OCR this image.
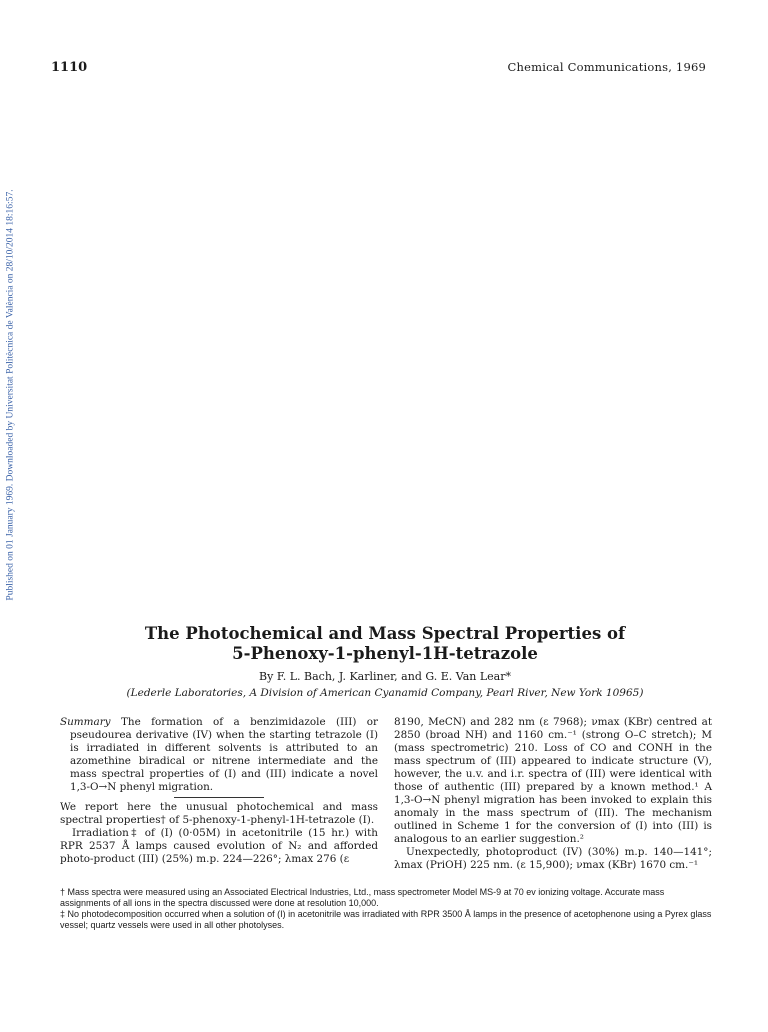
1110	Chemical Communications, 1969
Published on 01 January 1969. Downloaded by Universitat Politècnica de València on 28/10/2014 18:16:57.
The Photochemical and Mass Spectral Properties of
5-Phenoxy-1-phenyl-1H-tetrazole
By F. L. Bach, J. Karliner, and G. E. Van Lear*
(Lederle Laboratories, A Division of American Cyanamid Company, Pearl River, New York 10965)

Summary The formation of a benzimidazole (III) or pseudourea derivative (IV) when the starting tetrazole (I) is irradiated in different solvents is attributed to an azomethine biradical or nitrene intermediate and the mass spectral properties of (I) and (III) indicate a novel 1,3-O→N phenyl migration.

We report here the unusual photochemical and mass spectral properties† of 5-phenoxy-1-phenyl-1H-tetrazole (I).

Irradiation‡ of (I) (0·05M) in acetonitrile (15 hr.) with RPR 2537 Å lamps caused evolution of N₂ and afforded photo-product (III) (25%) m.p. 224—226°; λmax 276 (ε

8190, MeCN) and 282 nm (ε 7968); νmax (KBr) centred at 2850 (broad NH) and 1160 cm.⁻¹ (strong O–C stretch); M (mass spectrometric) 210. Loss of CO and CONH in the mass spectrum of (III) appeared to indicate structure (V), however, the u.v. and i.r. spectra of (III) were identical with those of authentic (III) prepared by a known method.¹ A 1,3-O→N phenyl migration has been invoked to explain this anomaly in the mass spectrum of (III). The mechanism outlined in Scheme 1 for the conversion of (I) into (III) is analogous to an earlier suggestion.²

Unexpectedly, photoproduct (IV) (30%) m.p. 140—141°; λmax (PriOH) 225 nm. (ε 15,900); νmax (KBr) 1670 cm.⁻¹

† Mass spectra were measured using an Associated Electrical Industries, Ltd., mass spectrometer Model MS-9 at 70 ev ionizing voltage. Accurate mass assignments of all ions in the spectra discussed were done at resolution 10,000.

‡ No photodecomposition occurred when a solution of (I) in acetonitrile was irradiated with RPR 3500 Å lamps in the presence of acetophenone using a Pyrex glass vessel; quartz vessels were used in all other photolyses.
